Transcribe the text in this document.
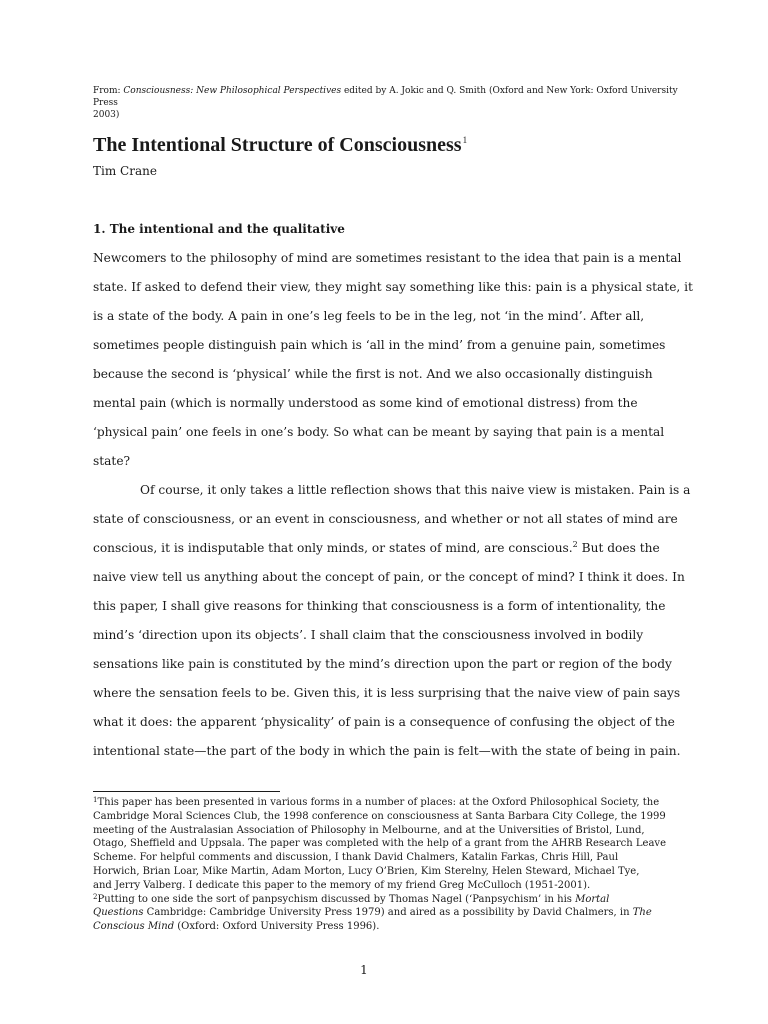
From: Consciousness: New Philosophical Perspectives edited by A. Jokic and Q. Smith (Oxford and New York: Oxford University Press
2003)
The Intentional Structure of Consciousness$^1$
Tim Crane
1. The intentional and the qualitative
Newcomers to the philosophy of mind are sometimes resistant to the idea that pain is a mental
state. If asked to defend their view, they might say something like this: pain is a physical state, it
is a state of the body. A pain in one’s leg feels to be in the leg, not ‘in the mind’. After all,
sometimes people distinguish pain which is ‘all in the mind’ from a genuine pain, sometimes
because the second is ‘physical’ while the first is not. And we also occasionally distinguish
mental pain (which is normally understood as some kind of emotional distress) from the
‘physical pain’ one feels in one’s body. So what can be meant by saying that pain is a mental
state?
Of course, it only takes a little reflection shows that this naive view is mistaken. Pain is a
state of consciousness, or an event in consciousness, and whether or not all states of mind are
conscious, it is indisputable that only minds, or states of mind, are conscious.$^2$ But does the
naive view tell us anything about the concept of pain, or the concept of mind? I think it does. In
this paper, I shall give reasons for thinking that consciousness is a form of intentionality, the
mind’s ‘direction upon its objects’. I shall claim that the consciousness involved in bodily
sensations like pain is constituted by the mind’s direction upon the part or region of the body
where the sensation feels to be. Given this, it is less surprising that the naive view of pain says
what it does: the apparent ‘physicality’ of pain is a consequence of confusing the object of the
intentional state—the part of the body in which the pain is felt—with the state of being in pain.
$^1$This paper has been presented in various forms in a number of places: at the Oxford Philosophical Society, the
Cambridge Moral Sciences Club, the 1998 conference on consciousness at Santa Barbara City College, the 1999
meeting of the Australasian Association of Philosophy in Melbourne, and at the Universities of Bristol, Lund,
Otago, Sheffield and Uppsala. The paper was completed with the help of a grant from the AHRB Research Leave
Scheme. For helpful comments and discussion, I thank David Chalmers, Katalin Farkas, Chris Hill, Paul
Horwich, Brian Loar, Mike Martin, Adam Morton, Lucy O’Brien, Kim Sterelny, Helen Steward, Michael Tye,
and Jerry Valberg. I dedicate this paper to the memory of my friend Greg McCulloch (1951-2001).
$^2$Putting to one side the sort of panpsychism discussed by Thomas Nagel (‘Panpsychism’ in his Mortal
Questions Cambridge: Cambridge University Press 1979) and aired as a possibility by David Chalmers, in The
Conscious Mind (Oxford: Oxford University Press 1996).
1
